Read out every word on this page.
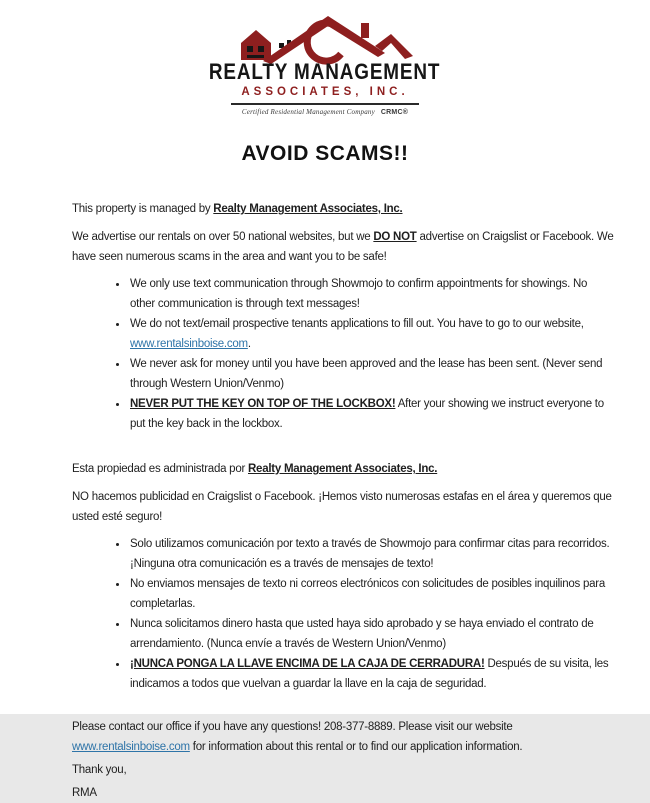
REALTY MANAGEMENT
ASSOCIATES, INC.
Certified Residential Management Company CRMC®
AVOID SCAMS!!

This property is managed by Realty Management Associates, Inc.

We advertise our rentals on over 50 national websites, but we DO NOT advertise on Craigslist or Facebook. We have seen numerous scams in the area and want you to be safe!

• We only use text communication through Showmojo to confirm appointments for showings. No other communication is through text messages!
• We do not text/email prospective tenants applications to fill out. You have to go to our website, www.rentalsinboise.com.
• We never ask for money until you have been approved and the lease has been sent. (Never send through Western Union/Venmo)
• NEVER PUT THE KEY ON TOP OF THE LOCKBOX! After your showing we instruct everyone to put the key back in the lockbox.

Esta propiedad es administrada por Realty Management Associates, Inc.

NO hacemos publicidad en Craigslist o Facebook. ¡Hemos visto numerosas estafas en el área y queremos que usted esté seguro!

• Solo utilizamos comunicación por texto a través de Showmojo para confirmar citas para recorridos. ¡Ninguna otra comunicación es a través de mensajes de texto!
• No enviamos mensajes de texto ni correos electrónicos con solicitudes de posibles inquilinos para completarlas.
• Nunca solicitamos dinero hasta que usted haya sido aprobado y se haya enviado el contrato de arrendamiento. (Nunca envíe a través de Western Union/Venmo)
• ¡NUNCA PONGA LA LLAVE ENCIMA DE LA CAJA DE CERRADURA! Después de su visita, les indicamos a todos que vuelvan a guardar la llave en la caja de seguridad.

Please contact our office if you have any questions! 208-377-8889. Please visit our website www.rentalsinboise.com for information about this rental or to find our application information.

Thank you,

RMA
